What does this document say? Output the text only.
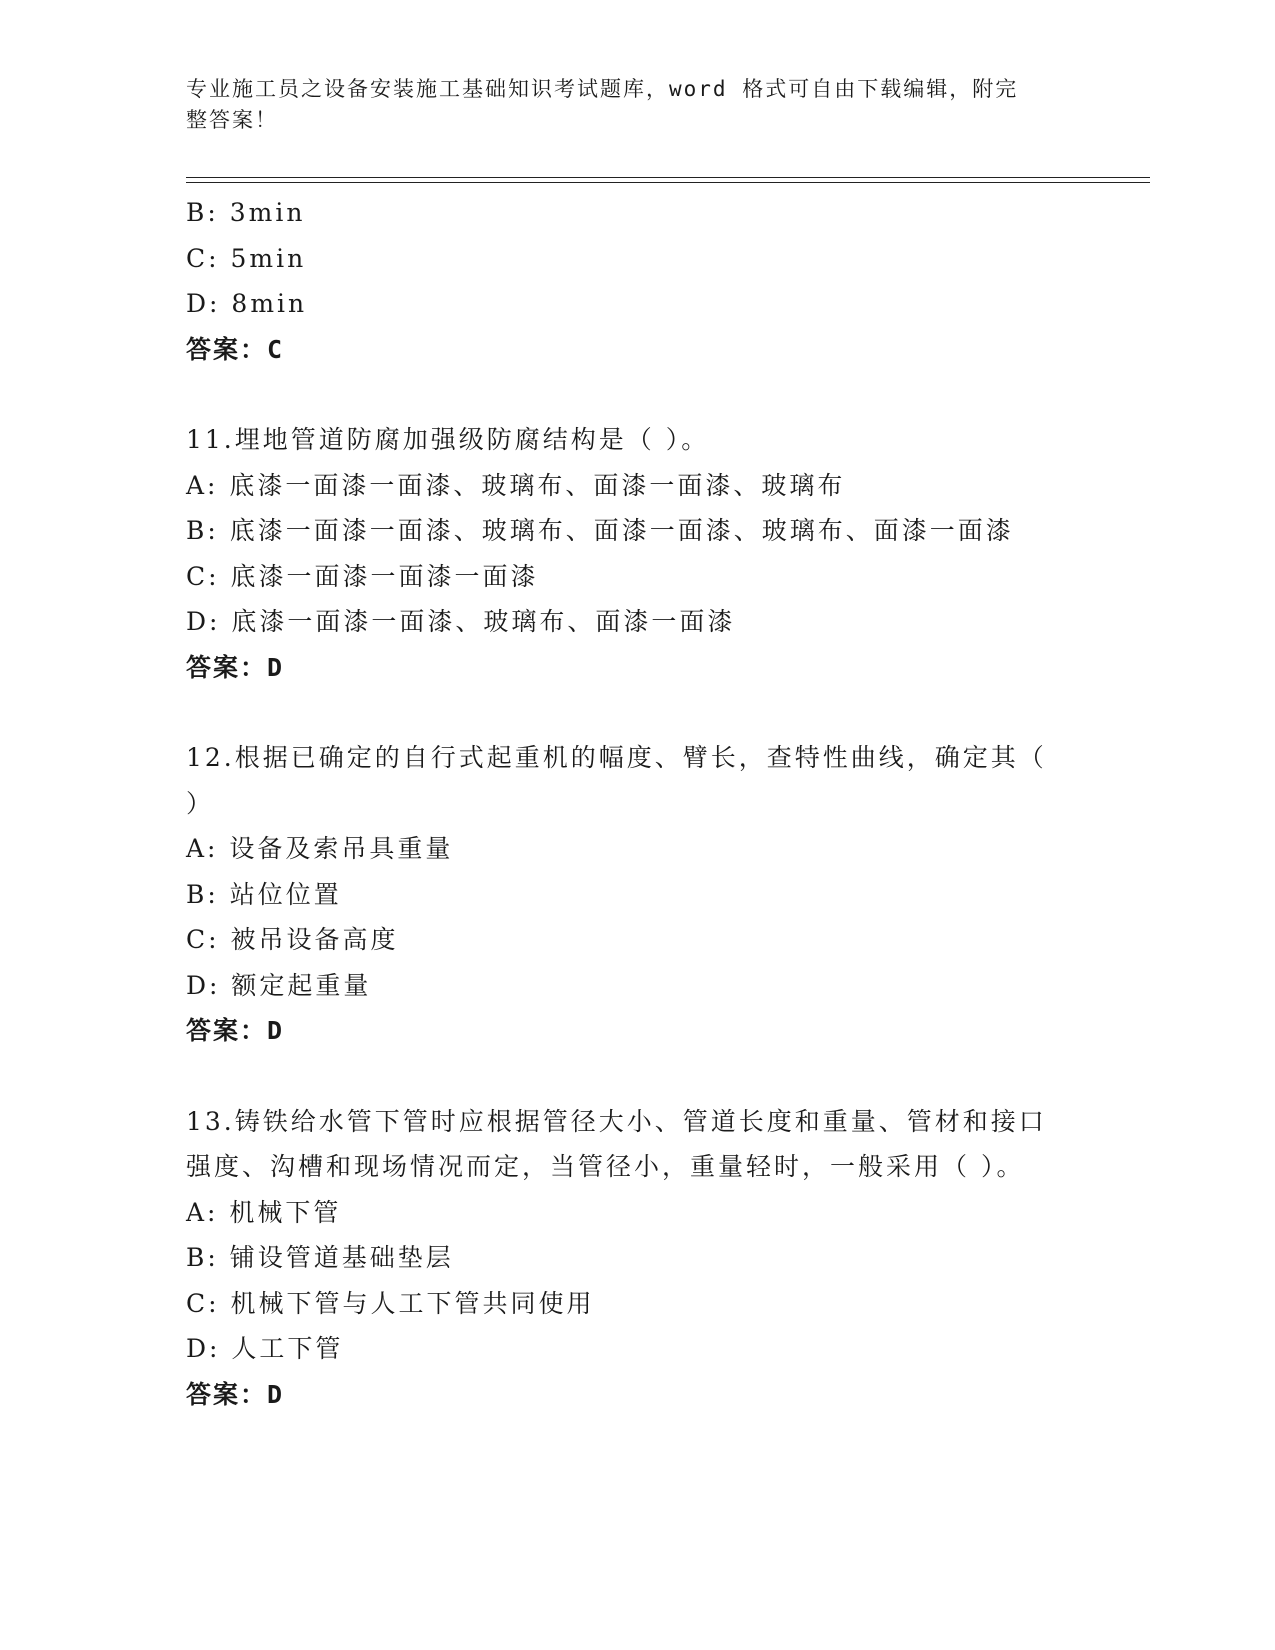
专业施工员之设备安装施工基础知识考试题库，word 格式可自由下载编辑，附完
整答案！
B: 3min
C: 5min
D: 8min
答案：C
11.埋地管道防腐加强级防腐结构是（ ）。
A: 底漆一面漆一面漆、玻璃布、面漆一面漆、玻璃布
B: 底漆一面漆一面漆、玻璃布、面漆一面漆、玻璃布、面漆一面漆
C: 底漆一面漆一面漆一面漆
D: 底漆一面漆一面漆、玻璃布、面漆一面漆
答案：D
12.根据已确定的自行式起重机的幅度、臂长，查特性曲线，确定其（
）
A: 设备及索吊具重量
B: 站位位置
C: 被吊设备高度
D: 额定起重量
答案：D
13.铸铁给水管下管时应根据管径大小、管道长度和重量、管材和接口
强度、沟槽和现场情况而定，当管径小，重量轻时，一般采用（ ）。
A: 机械下管
B: 铺设管道基础垫层
C: 机械下管与人工下管共同使用
D: 人工下管
答案：D
